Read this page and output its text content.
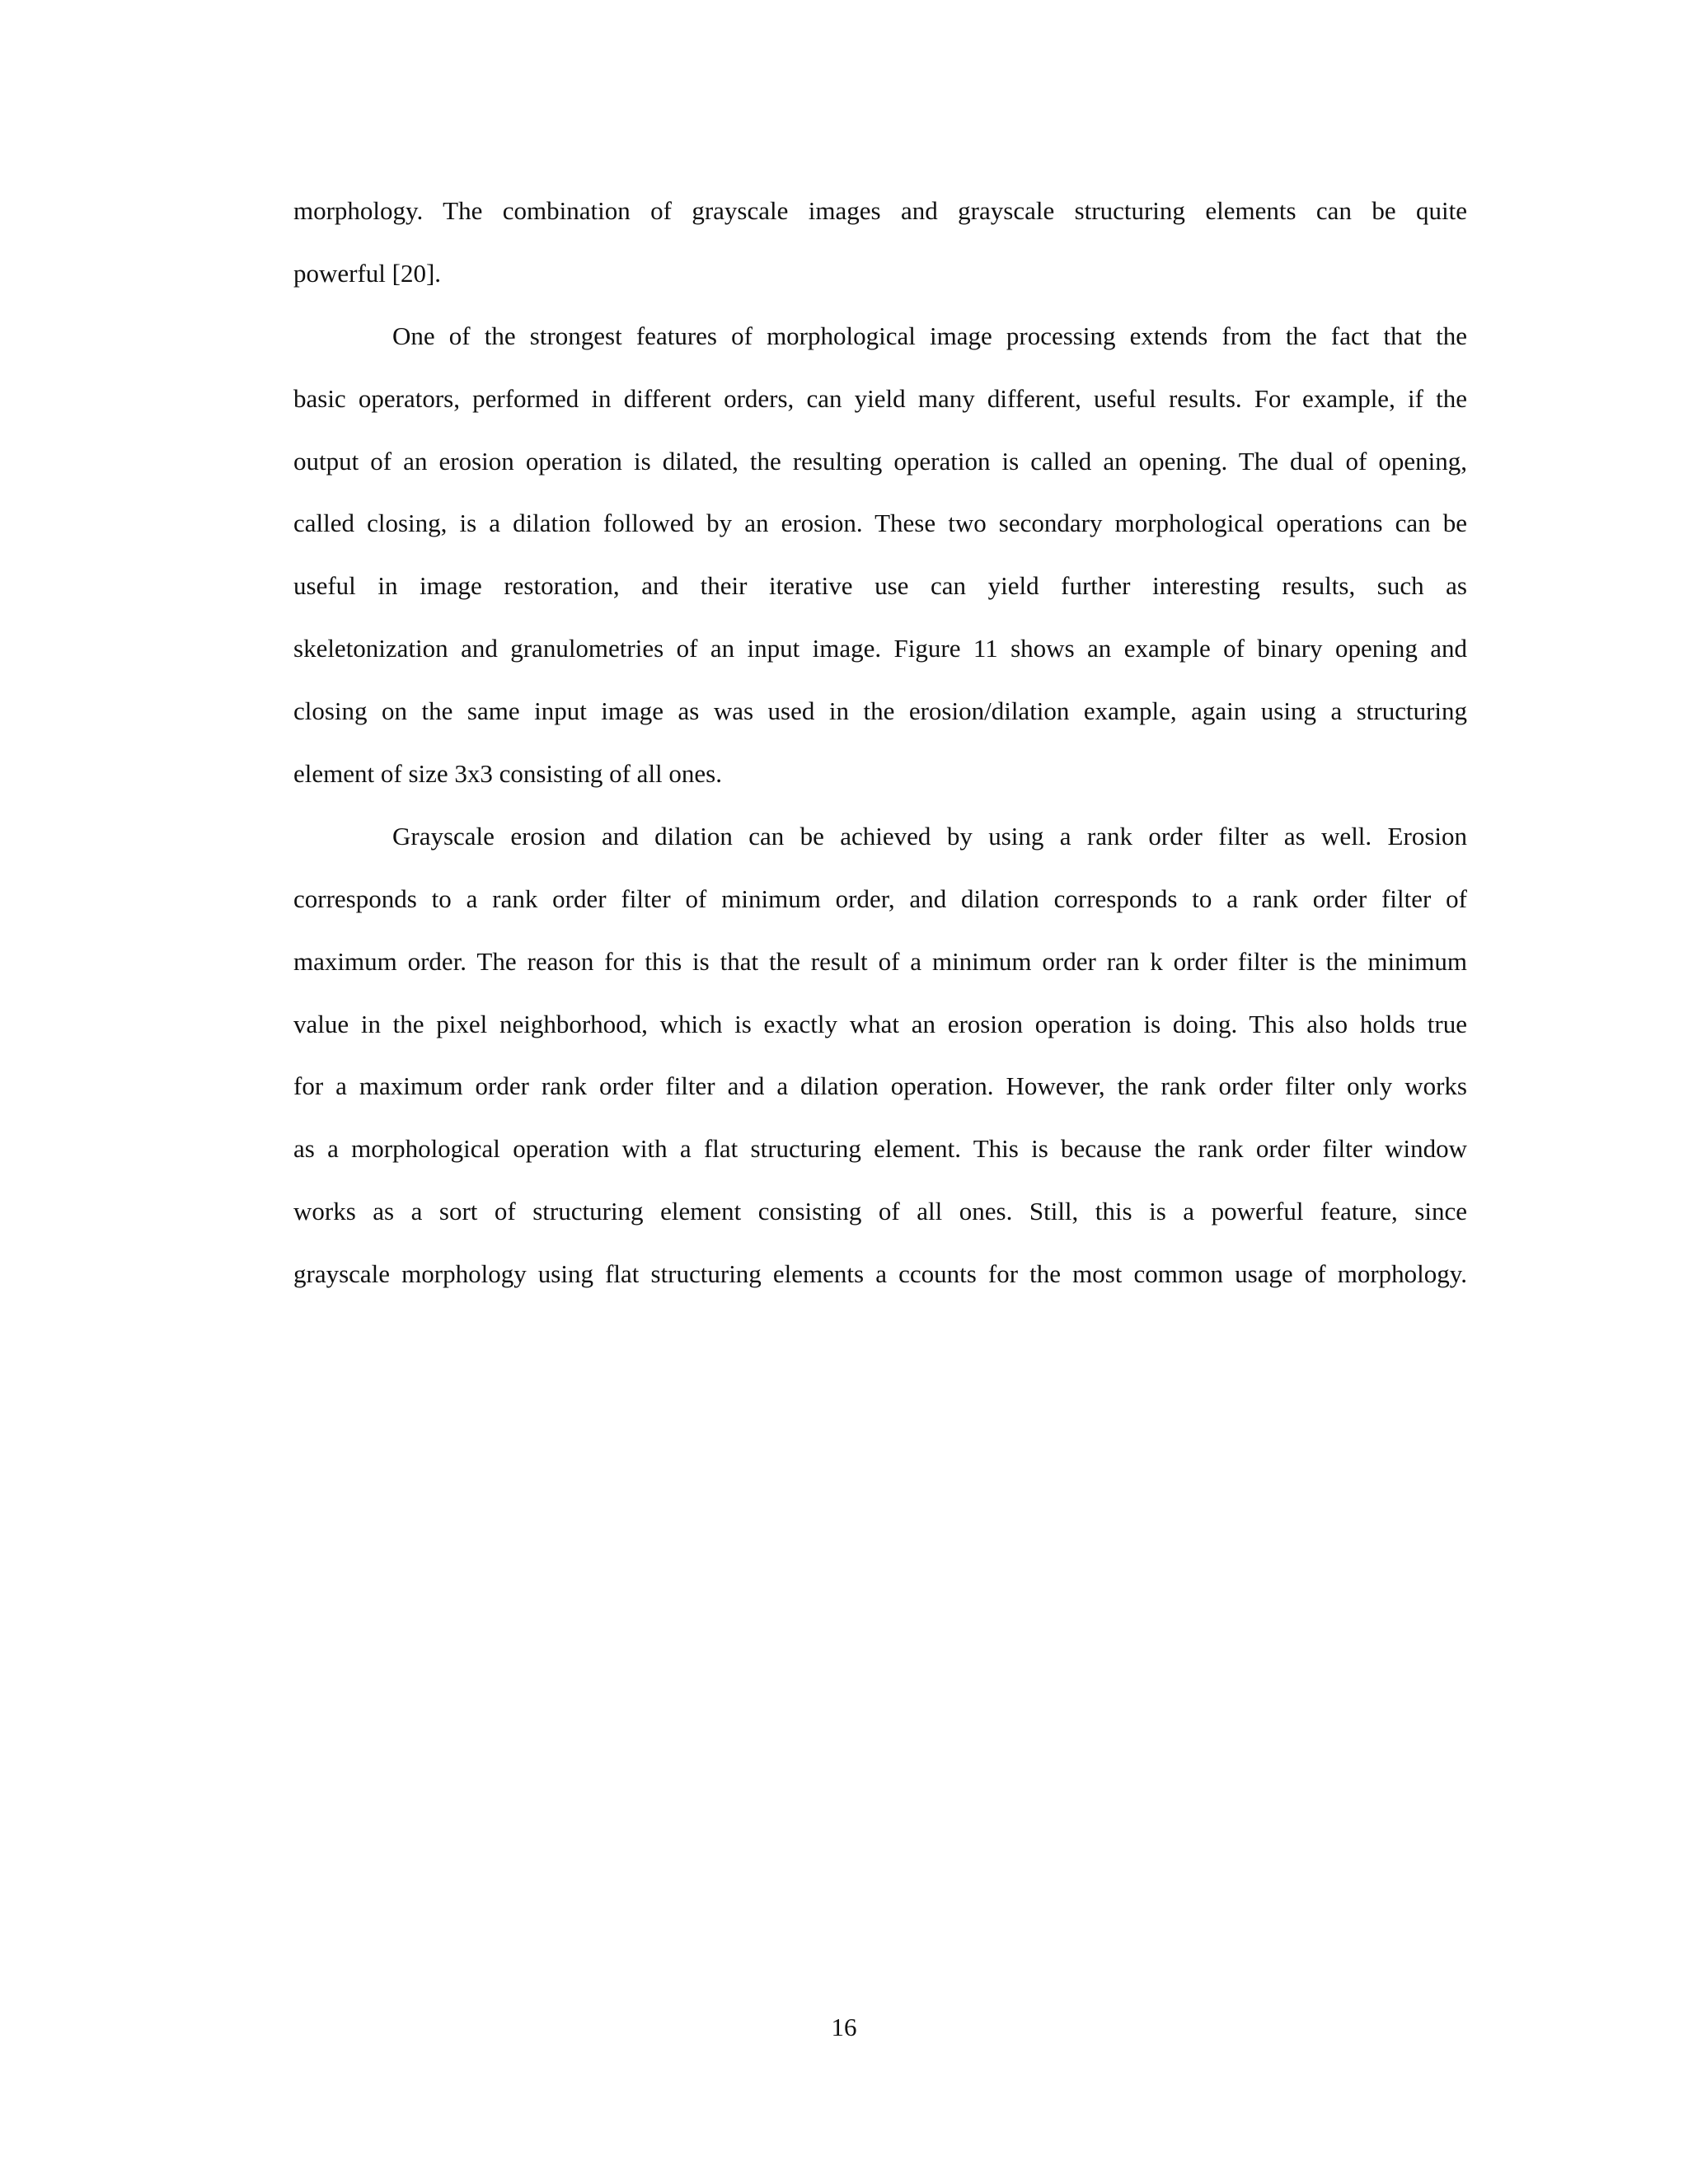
morphology. The combination of grayscale images and grayscale structuring elements can be quite
powerful [20].
One of the strongest features of morphological image processing extends from the fact that the
basic operators, performed in different orders, can yield many different, useful results. For example, if the
output of an erosion operation is dilated, the resulting operation is called an opening. The dual of opening,
called closing, is a dilation followed by an erosion. These two secondary morphological operations can be
useful in image restoration, and their iterative use can yield further interesting results, such as
skeletonization and granulometries of an input image. Figure 11 shows an example of binary opening and
closing on the same input image as was used in the erosion/dilation example, again using a structuring
element of size 3x3 consisting of all ones.
Grayscale erosion and dilation can be achieved by using a rank order filter as well. Erosion
corresponds to a rank order filter of minimum order, and dilation corresponds to a rank order filter of
maximum order. The reason for this is that the result of a minimum order ran k order filter is the minimum
value in the pixel neighborhood, which is exactly what an erosion operation is doing. This also holds true
for a maximum order rank order filter and a dilation operation. However, the rank order filter only works
as a morphological operation with a flat structuring element. This is because the rank order filter window
works as a sort of structuring element consisting of all ones. Still, this is a powerful feature, since
grayscale morphology using flat structuring elements a ccounts for the most common usage of morphology.
16
